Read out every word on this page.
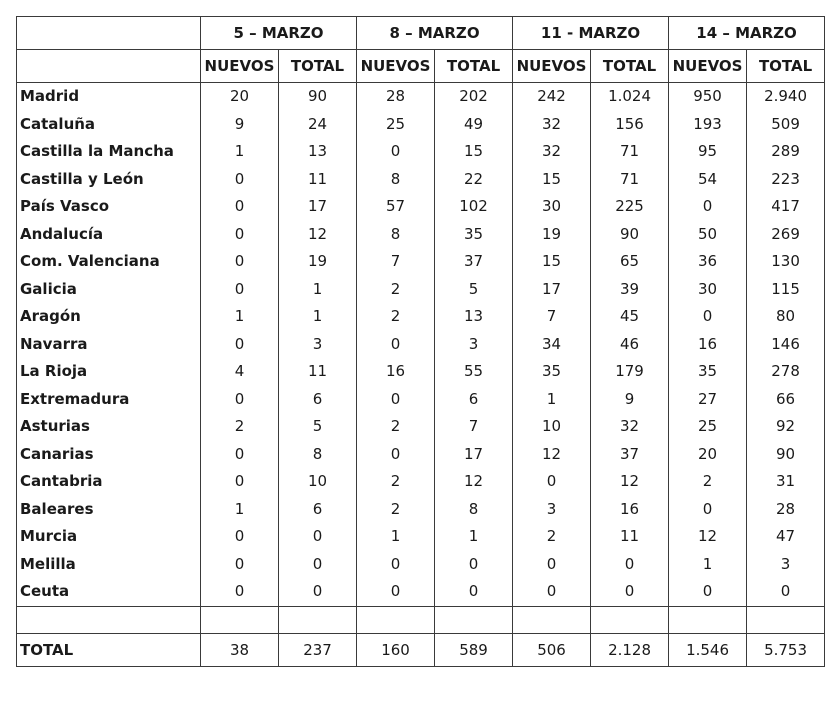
	5 – MARZO		8 – MARZO		11 - MARZO		14 – MARZO	
	NUEVOS	TOTAL	NUEVOS	TOTAL	NUEVOS	TOTAL	NUEVOS	TOTAL
Madrid	20	90	28	202	242	1.024	950	2.940
Cataluña	9	24	25	49	32	156	193	509
Castilla la Mancha	1	13	0	15	32	71	95	289
Castilla y León	0	11	8	22	15	71	54	223
País Vasco	0	17	57	102	30	225	0	417
Andalucía	0	12	8	35	19	90	50	269
Com. Valenciana	0	19	7	37	15	65	36	130
Galicia	0	1	2	5	17	39	30	115
Aragón	1	1	2	13	7	45	0	80
Navarra	0	3	0	3	34	46	16	146
La Rioja	4	11	16	55	35	179	35	278
Extremadura	0	6	0	6	1	9	27	66
Asturias	2	5	2	7	10	32	25	92
Canarias	0	8	0	17	12	37	20	90
Cantabria	0	10	2	12	0	12	2	31
Baleares	1	6	2	8	3	16	0	28
Murcia	0	0	1	1	2	11	12	47
Melilla	0	0	0	0	0	0	1	3
Ceuta	0	0	0	0	0	0	0	0

TOTAL	38	237	160	589	506	2.128	1.546	5.753
